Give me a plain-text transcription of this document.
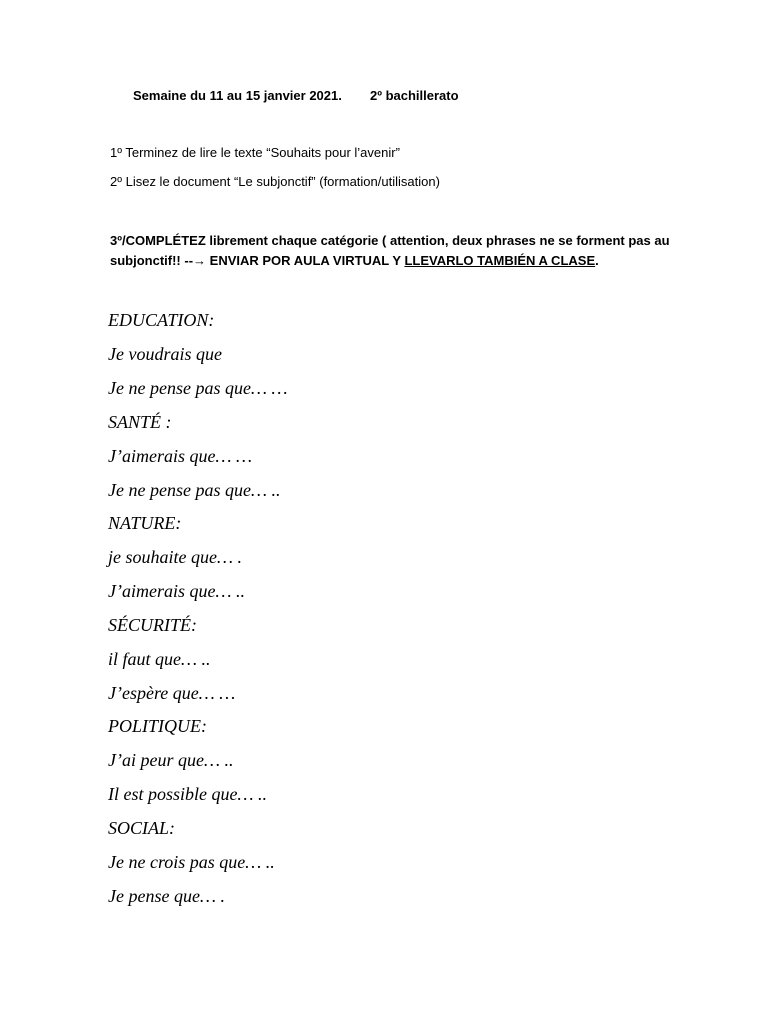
Semaine du 11 au 15 janvier 2021. 2º bachillerato
1º Terminez de lire le texte “Souhaits pour l’avenir”
2º Lisez le document “Le subjonctif” (formation/utilisation)
3º/COMPLÉTEZ librement chaque catégorie ( attention, deux phrases ne se forment pas au subjonctif!! --→ ENVIAR POR AULA VIRTUAL Y LLEVARLO TAMBIÉN A CLASE.
EDUCATION:
Je voudrais que
Je ne pense pas que… …
SANTÉ :
J’aimerais que… …
Je ne pense pas que… ..
NATURE:
je souhaite que… .
J’aimerais que… ..
SÉCURITÉ:
il faut que… ..
J’espère que… …
POLITIQUE:
J’ai peur que… ..
Il est possible que… ..
SOCIAL:
Je ne crois pas que… ..
Je pense que… .
